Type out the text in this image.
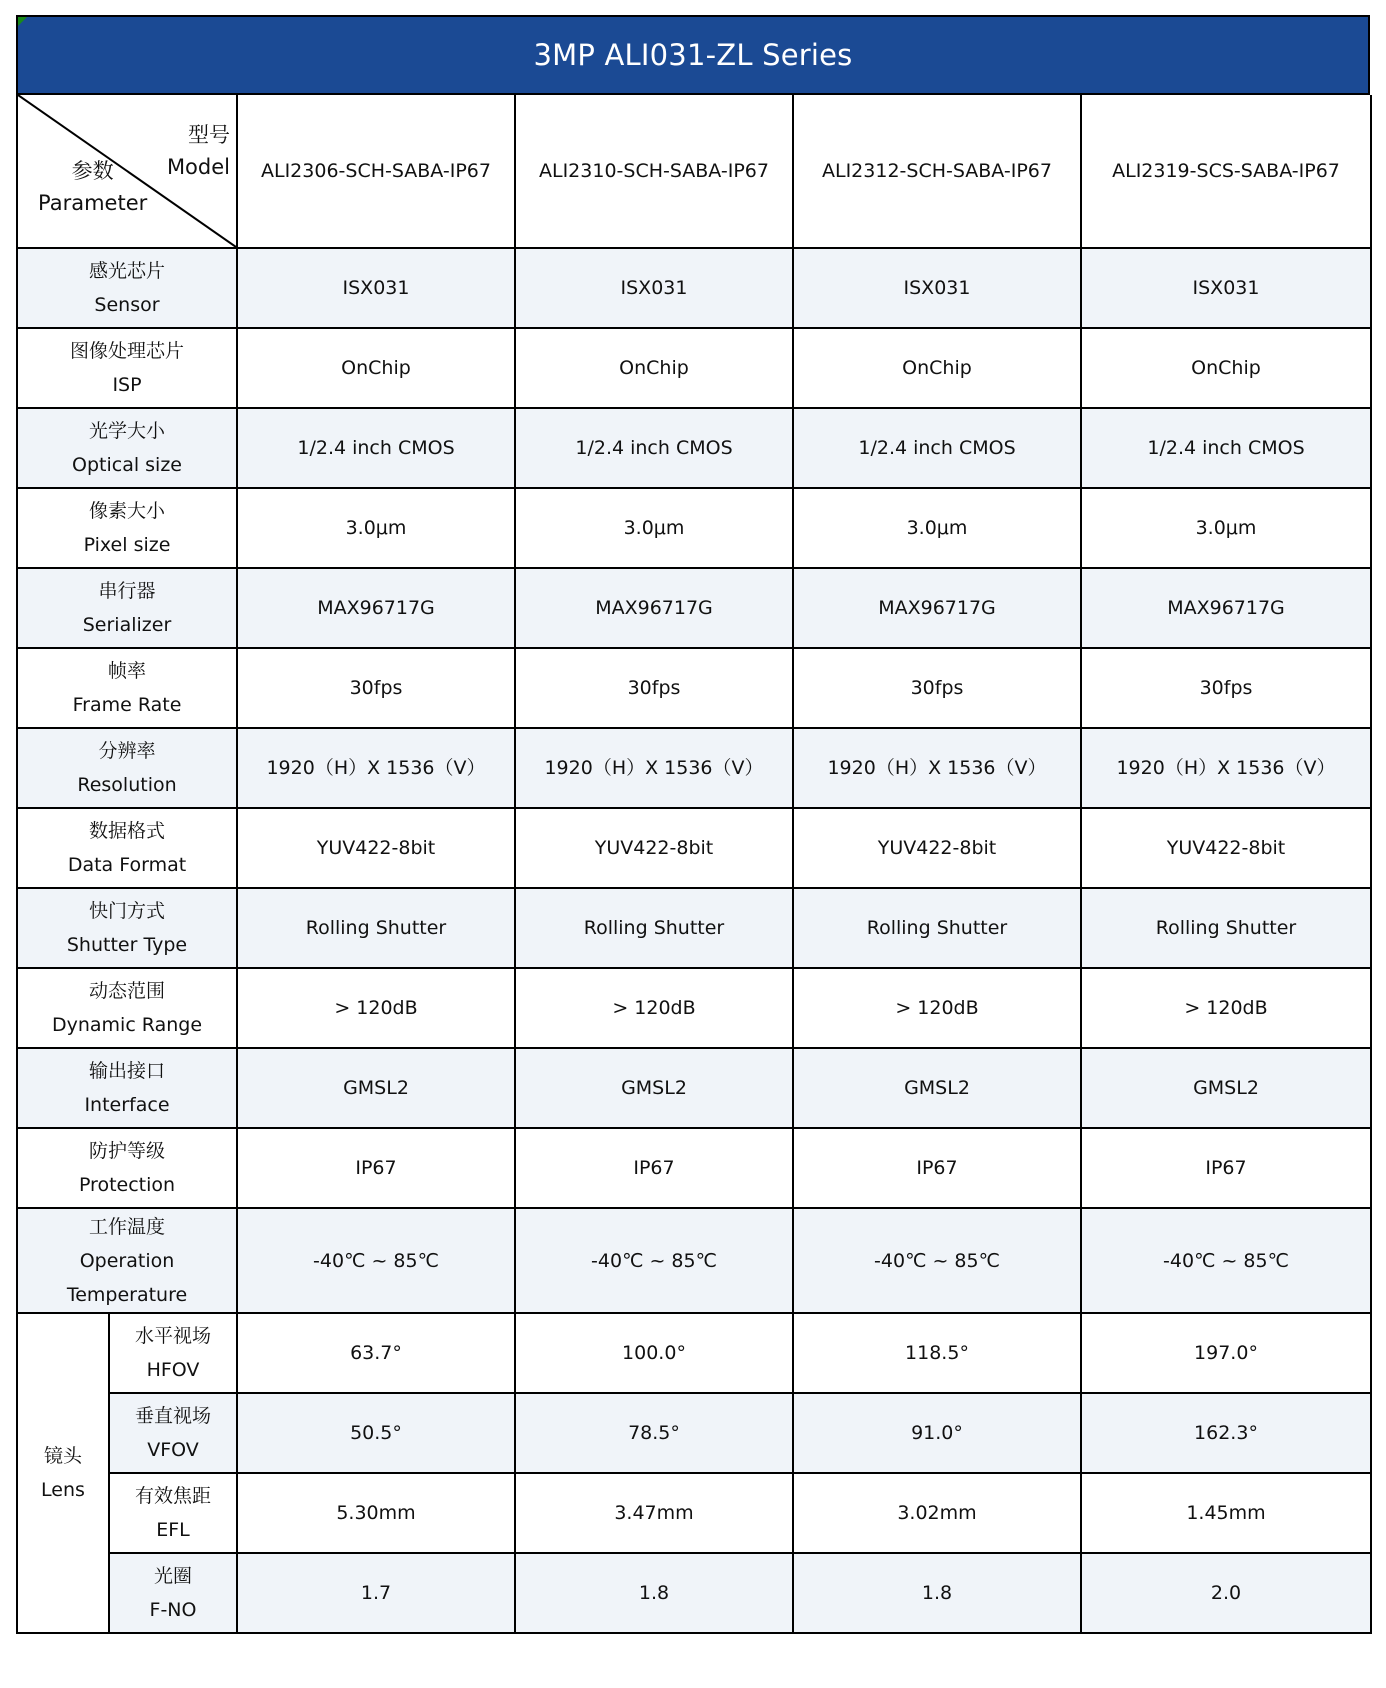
3MP ALI031-ZL Series
型号
Model
参数
Parameter		ALI2306-SCH-SABA-IP67	ALI2310-SCH-SABA-IP67	ALI2312-SCH-SABA-IP67	ALI2319-SCS-SABA-IP67

感光芯片
Sensor		ISX031	ISX031	ISX031	ISX031

图像处理芯片
ISP		OnChip	OnChip	OnChip	OnChip

光学大小
Optical size		1/2.4 inch CMOS	1/2.4 inch CMOS	1/2.4 inch CMOS	1/2.4 inch CMOS

像素大小
Pixel size		3.0μm	3.0μm	3.0μm	3.0μm

串行器
Serializer		MAX96717G	MAX96717G	MAX96717G	MAX96717G

帧率
Frame Rate		30fps	30fps	30fps	30fps

分辨率
Resolution		1920（H）X 1536（V）	1920（H）X 1536（V）	1920（H）X 1536（V）	1920（H）X 1536（V）

数据格式
Data Format		YUV422-8bit	YUV422-8bit	YUV422-8bit	YUV422-8bit

快门方式
Shutter Type		Rolling Shutter	Rolling Shutter	Rolling Shutter	Rolling Shutter

动态范围
Dynamic Range		> 120dB	> 120dB	> 120dB	> 120dB

输出接口
Interface		GMSL2	GMSL2	GMSL2	GMSL2

防护等级
Protection		IP67	IP67	IP67	IP67

工作温度
Operation
Temperature		-40℃ ~ 85℃	-40℃ ~ 85℃	-40℃ ~ 85℃	-40℃ ~ 85℃

镜头
Lens	水平视场
HFOV	63.7°	100.0°	118.5°	197.0°

	垂直视场
VFOV	50.5°	78.5°	91.0°	162.3°

	有效焦距
EFL	5.30mm	3.47mm	3.02mm	1.45mm

	光圈
F-NO	1.7	1.8	1.8	2.0
